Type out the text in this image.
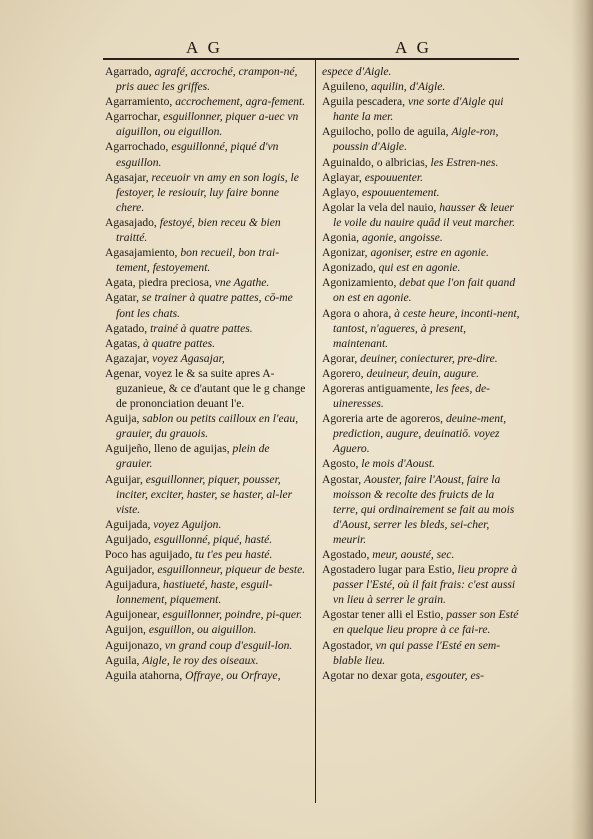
A G	A G

Agarrado, agrafé, accroché, crampon-né, pris auec les griffes.

Agarramiento, accrochement, agra-fement.

Agarrochar, esguillonner, piquer a-uec vn aiguillon, ou eiguillon.

Agarrochado, esguillonné, piqué d'vn esguillon.

Agasajar, receuoir vn amy en son logis, le festoyer, le resiouir, luy faire bonne chere.

Agasajado, festoyé, bien receu & bien traitté.

Agasajamiento, bon recueil, bon trai-tement, festoyement.

Agata, piedra preciosa, vne Agathe.

Agatar, se trainer à quatre pattes, cō-me font les chats.

Agatado, trainé à quatre pattes.

Agatas, à quatre pattes.

Agazajar, voyez Agasajar,

Agenar, voyez le & sa suite apres A-guzanieue, & ce d'autant que le g change de prononciation deuant l'e.

Aguija, sablon ou petits cailloux en l'eau, grauier, du grauois.

Aguijeño, lleno de aguijas, plein de grauier.

Aguijar, esguillonner, piquer, pousser, inciter, exciter, haster, se haster, al-ler viste.

Aguijada, voyez Aguijon.

Aguijado, esguillonné, piqué, hasté.

Poco has aguijado, tu t'es peu hasté.

Aguijador, esguillonneur, piqueur de beste.

Aguijadura, hastiueté, haste, esguil-lonnement, piquement.

Aguijonear, esguillonner, poindre, pi-quer.

Aguijon, esguillon, ou aiguillon.

Aguijonazo, vn grand coup d'esguil-lon.

Aguila, Aigle, le roy des oiseaux.

Aguila atahorna, Offraye, ou Orfraye,

espece d'Aigle.

Aguileno, aquilin, d'Aigle.

Aguila pescadera, vne sorte d'Aigle qui hante la mer.

Aguilocho, pollo de aguila, Aigle-ron, poussin d'Aigle.

Aguinaldo, o albricias, les Estren-nes.

Aglayar, espouuenter.

Aglayo, espouuentement.

Agolar la vela del nauio, hausser & leuer le voile du nauire quād il veut marcher.

Agonia, agonie, angoisse.

Agonizar, agoniser, estre en agonie.

Agonizado, qui est en agonie.

Agonizamiento, debat que l'on fait quand on est en agonie.

Agora o ahora, à ceste heure, inconti-nent, tantost, n'agueres, à present, maintenant.

Agorar, deuiner, coniecturer, pre-dire.

Agorero, deuineur, deuin, augure.

Agoreras antiguamente, les fees, de-uineresses.

Agoreria arte de agoreros, deuine-ment, prediction, augure, deuinatiō. voyez Aguero.

Agosto, le mois d'Aoust.

Agostar, Aouster, faire l'Aoust, faire la moisson & recolte des fruicts de la terre, qui ordinairement se fait au mois d'Aoust, serrer les bleds, sei-cher, meurir.

Agostado, meur, aousté, sec.

Agostadero lugar para Estio, lieu propre à passer l'Esté, où il fait frais: c'est aussi vn lieu à serrer le grain.

Agostar tener alli el Estio, passer son Esté en quelque lieu propre à ce fai-re.

Agostador, vn qui passe l'Esté en sem-blable lieu.

Agotar no dexar gota, esgouter, es-
